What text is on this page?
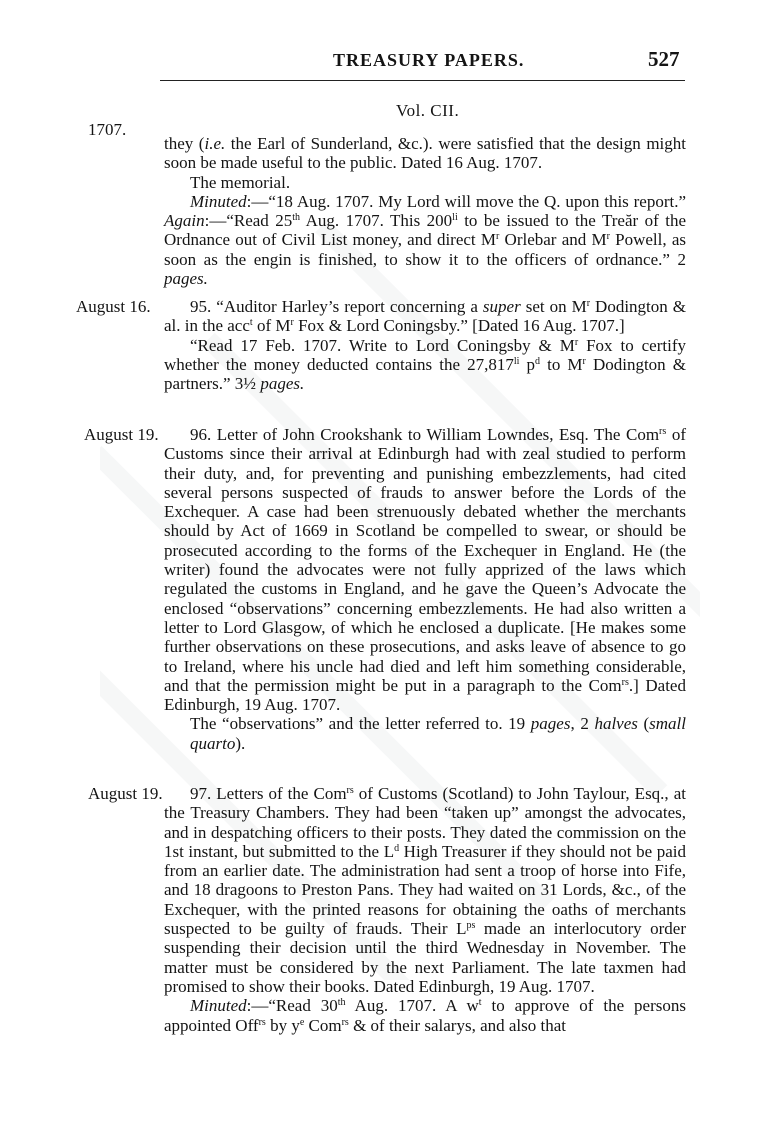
TREASURY PAPERS.	527
Vol. CII.
1707.
they (i.e. the Earl of Sunderland, &c.). were satisfied that the design might soon be made useful to the public. Dated 16 Aug. 1707.
The memorial.
Minuted:—“18 Aug. 1707. My Lord will move the Q. upon this report.” Again:—“Read 25th Aug. 1707. This $200^{li}$ to be issued to the Treăr of the Ordnance out of Civil List money, and direct $M^r$ Orlebar and $M^r$ Powell, as soon as the engin is finished, to show it to the officers of ordnance.” 2 pages.
August 16.	95. “Auditor Harley’s report concerning a super set on $M^r$ Dodington & al. in the acc$^t$ of $M^r$ Fox & Lord Coningsby.” [Dated 16 Aug. 1707.]
“Read 17 Feb. 1707. Write to Lord Coningsby & $M^r$ Fox to certify whether the money deducted contains the $27,817^{li}$ $p^d$ to $M^r$ Dodington & partners.” 3½ pages.
August 19.	96. Letter of John Crookshank to William Lowndes, Esq. The Com$^{rs}$ of Customs since their arrival at Edinburgh had with zeal studied to perform their duty, and, for preventing and punishing embezzlements, had cited several persons suspected of frauds to answer before the Lords of the Exchequer. A case had been strenuously debated whether the merchants should by Act of 1669 in Scotland be compelled to swear, or should be prosecuted according to the forms of the Exchequer in England. He (the writer) found the advocates were not fully apprized of the laws which regulated the customs in England, and he gave the Queen’s Advocate the enclosed “observations” concerning embezzlements. He had also written a letter to Lord Glasgow, of which he enclosed a duplicate. [He makes some further observations on these prosecutions, and asks leave of absence to go to Ireland, where his uncle had died and left him something considerable, and that the permission might be put in a paragraph to the Com$^{rs}$.] Dated Edinburgh, 19 Aug. 1707.
The “observations” and the letter referred to. 19 pages, 2 halves (small quarto).
August 19.	97. Letters of the Com$^{rs}$ of Customs (Scotland) to John Taylour, Esq., at the Treasury Chambers. They had been “taken up” amongst the advocates, and in despatching officers to their posts. They dated the commission on the 1st instant, but submitted to the $L^d$ High Treasurer if they should not be paid from an earlier date. The administration had sent a troop of horse into Fife, and 18 dragoons to Preston Pans. They had waited on 31 Lords, &c., of the Exchequer, with the printed reasons for obtaining the oaths of merchants suspected to be guilty of frauds. Their $L^{ps}$ made an interlocutory order suspending their decision until the third Wednesday in November. The matter must be considered by the next Parliament. The late taxmen had promised to show their books. Dated Edinburgh, 19 Aug. 1707.
Minuted:—“Read 30th Aug. 1707. A $w^t$ to approve of the persons appointed Off$^{rs}$ by $y^e$ Com$^{rs}$ & of their salarys, and also that
